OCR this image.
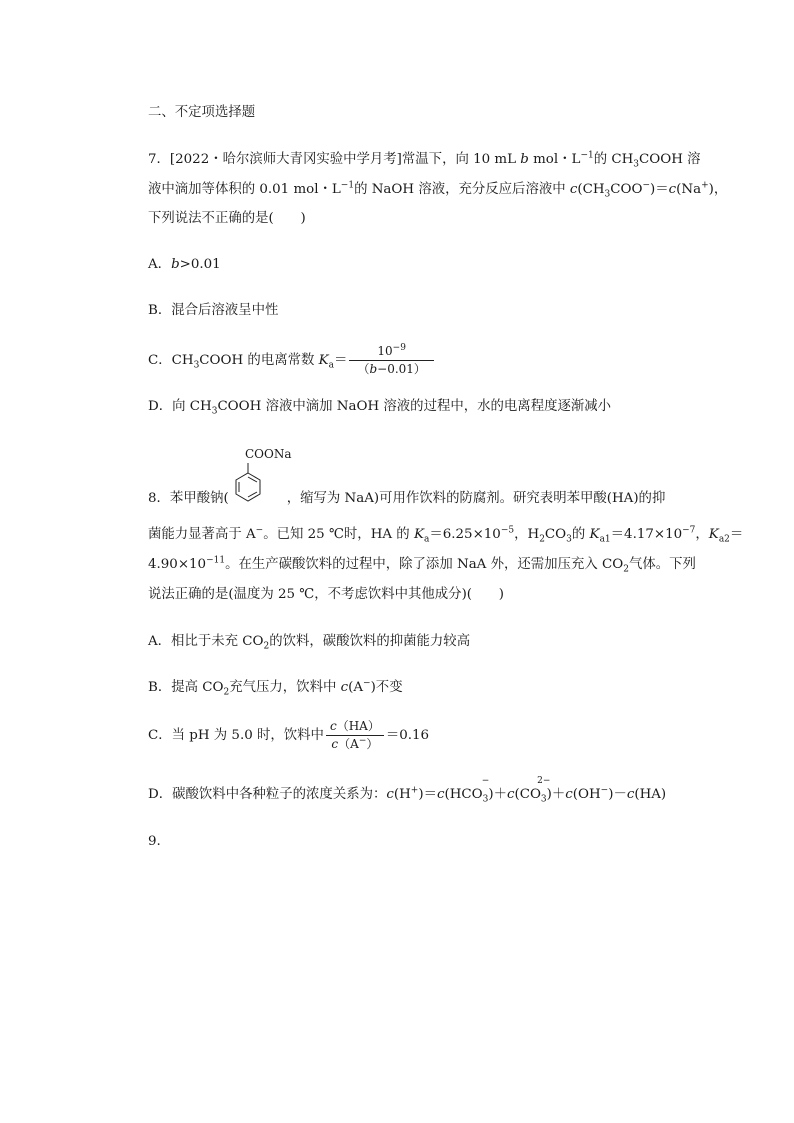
二、不定项选择题
7．[2022・哈尔滨师大青冈实验中学月考]常温下，向 10 mL b mol・$L^{-1}$的 $CH_3COOH$ 溶
液中滴加等体积的 0.01 mol・$L^{-1}$的 NaOH 溶液，充分反应后溶液中 $c(CH_3COO^-)=c(Na^+)$，
下列说法不正确的是(　　)
A．b>0.01
B．混合后溶液呈中性
C．$CH_3COOH$ 的电离常数 $K_a= \frac{10^{-9}}{(b-0.01)}$
D．向 $CH_3COOH$ 溶液中滴加 NaOH 溶液的过程中，水的电离程度逐渐减小
COONa
8．苯甲酸钠(	，缩写为 NaA)可用作饮料的防腐剂。研究表明苯甲酸(HA)的抑
菌能力显著高于 A−。已知 25 ℃时，HA 的 $K_a=6.25\times 10^{-5}$，$H_2CO_3$的 $K_{a1}=4.17\times 10^{-7}$，$K_{a2}=$
$4.90\times 10^{-11}$。在生产碳酸饮料的过程中，除了添加 NaA 外，还需加压充入 $CO_2$气体。下列
说法正确的是(温度为 25 ℃，不考虑饮料中其他成分)(　　)
A．相比于未充 $CO_2$的饮料，碳酸饮料的抑菌能力较高
B．提高 $CO_2$充气压力，饮料中 c(A−)不变
C．当 pH 为 5.0 时，饮料中 $\frac{c(HA)}{c(A^-)} =0.16$
D．碳酸饮料中各种粒子的浓度关系为：c(H+)＝c(HCO
−
$_3$)＋c(CO
2−
$_3$)＋c(OH−)－c(HA)
9.
